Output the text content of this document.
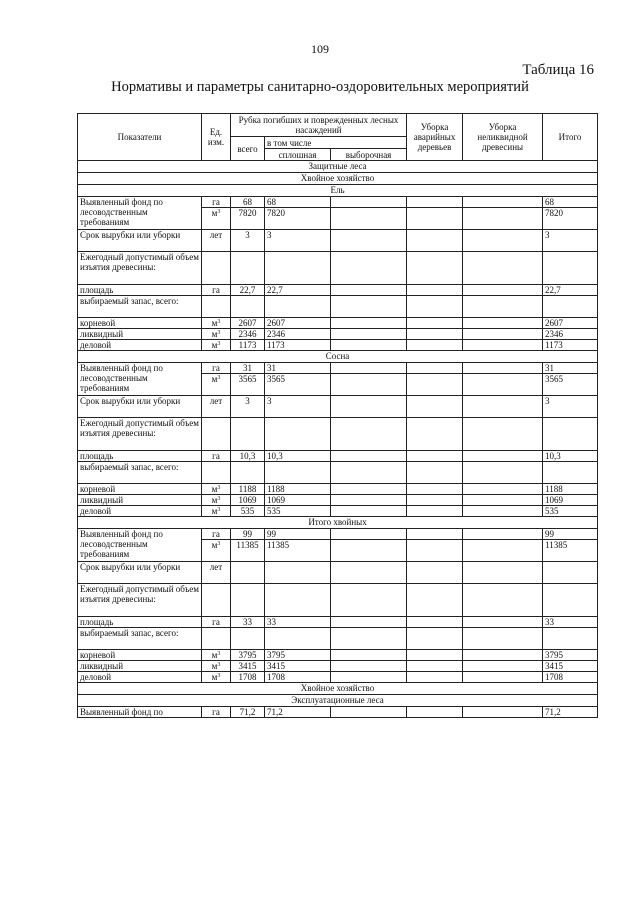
109
Таблица 16
Нормативы и параметры санитарно-оздоровительных мероприятий
Показатели	Ед. изм.	Рубка погибших и поврежденных лесных насаждений			Уборка аварийных деревьев	Уборка неликвидной древесины	Итого
		всего	в том числе				
			сплошная	выборочная			
Защитные леса							
Хвойное хозяйство							
Ель							
Выявленный фонд по лесоводственным требованиям	га	68	68				68
	$м^3$	7820	7820				7820
Срок вырубки или уборки	лет	3	3				3
Ежегодный допустимый объем изъятия древесины:							
площадь	га	22,7	22,7				22,7
выбираемый запас, всего:							
корневой	$м^3$	2607	2607				2607
ликвидный	$м^3$	2346	2346				2346
деловой	$м^3$	1173	1173				1173
Сосна							
Выявленный фонд по лесоводственным требованиям	га	31	31				31
	$м^3$	3565	3565				3565
Срок вырубки или уборки	лет	3	3				3
Ежегодный допустимый объем изъятия древесины:							
площадь	га	10,3	10,3				10,3
выбираемый запас, всего:							
корневой	$м^3$	1188	1188				1188
ликвидный	$м^3$	1069	1069				1069
деловой	$м^3$	535	535				535
Итого хвойных							
Выявленный фонд по лесоводственным требованиям	га	99	99				99
	$м^3$	11385	11385				11385
Срок вырубки или уборки	лет						
Ежегодный допустимый объем изъятия древесины:							
площадь	га	33	33				33
выбираемый запас, всего:							
корневой	$м^3$	3795	3795				3795
ликвидный	$м^3$	3415	3415				3415
деловой	$м^3$	1708	1708				1708
Хвойное хозяйство							
Эксплуатационные леса							
Выявленный фонд по	га	71,2	71,2				71,2
